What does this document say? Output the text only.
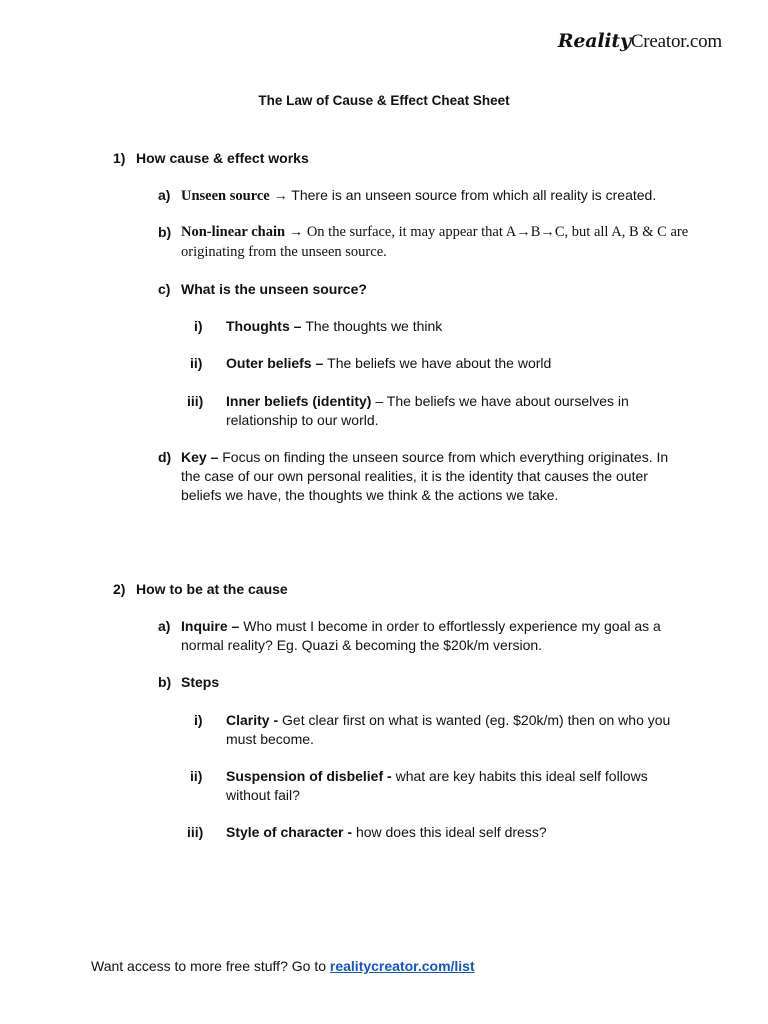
RealityCreator.com
The Law of Cause & Effect Cheat Sheet
1) How cause & effect works
a) Unseen source → There is an unseen source from which all reality is created.
b) Non-linear chain → On the surface, it may appear that A→B→C, but all A, B & C are
originating from the unseen source.
c) What is the unseen source?
i) Thoughts – The thoughts we think
ii) Outer beliefs – The beliefs we have about the world
iii) Inner beliefs (identity) – The beliefs we have about ourselves in
relationship to our world.
d) Key – Focus on finding the unseen source from which everything originates. In
the case of our own personal realities, it is the identity that causes the outer
beliefs we have, the thoughts we think & the actions we take.
2) How to be at the cause
a) Inquire – Who must I become in order to effortlessly experience my goal as a
normal reality? Eg. Quazi & becoming the $20k/m version.
b) Steps
i) Clarity - Get clear first on what is wanted (eg. $20k/m) then on who you
must become.
ii) Suspension of disbelief - what are key habits this ideal self follows
without fail?
iii) Style of character - how does this ideal self dress?
Want access to more free stuff? Go to realitycreator.com/list
